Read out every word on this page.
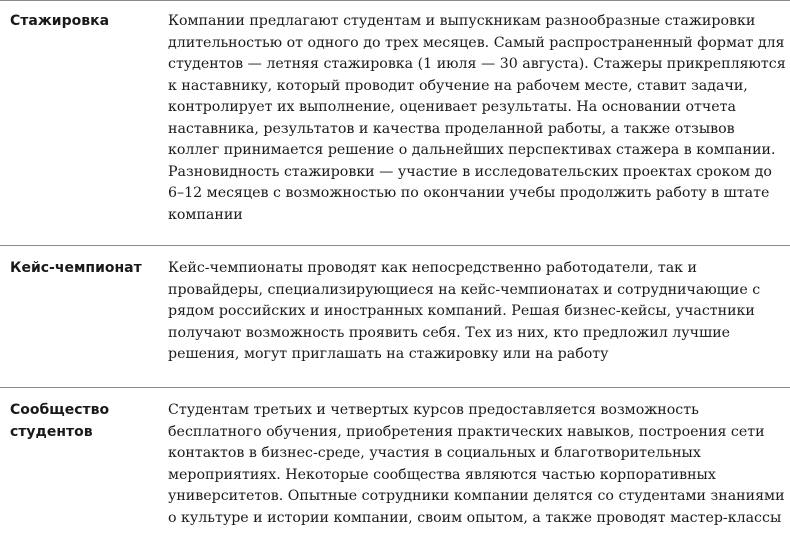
Стажировка	Компании предлагают студентам и выпускникам разнообразные стажировки длительностью от одного до трех месяцев. Самый распространенный формат для студентов — летняя стажировка (1 июля — 30 августа). Стажеры прикрепляются к наставнику, который проводит обучение на рабочем месте, ставит задачи, контролирует их выполнение, оценивает результаты. На основании отчета наставника, результатов и качества проделанной работы, а также отзывов коллег принимается решение о дальнейших перспективах стажера в компании. Разновидность стажировки — участие в исследовательских проектах сроком до 6–12 месяцев с возможностью по окончании учебы продолжить работу в штате компании
Кейс-чемпионат	Кейс-чемпионаты проводят как непосредственно работодатели, так и провайдеры, специализирующиеся на кейс-чемпионатах и сотрудничающие с рядом российских и иностранных компаний. Решая бизнес-кейсы, участники получают возможность проявить себя. Тех из них, кто предложил лучшие решения, могут приглашать на стажировку или на работу
Сообщество студентов
Студентам третьих и четвертых курсов предоставляется возможность бесплатного обучения, приобретения практических навыков, построения сети контактов в бизнес-среде, участия в социальных и благотворительных мероприятиях. Некоторые сообщества являются частью корпоративных университетов. Опытные сотрудники компании делятся со студентами знаниями о культуре и истории компании, своим опытом, а также проводят мастер-классы
